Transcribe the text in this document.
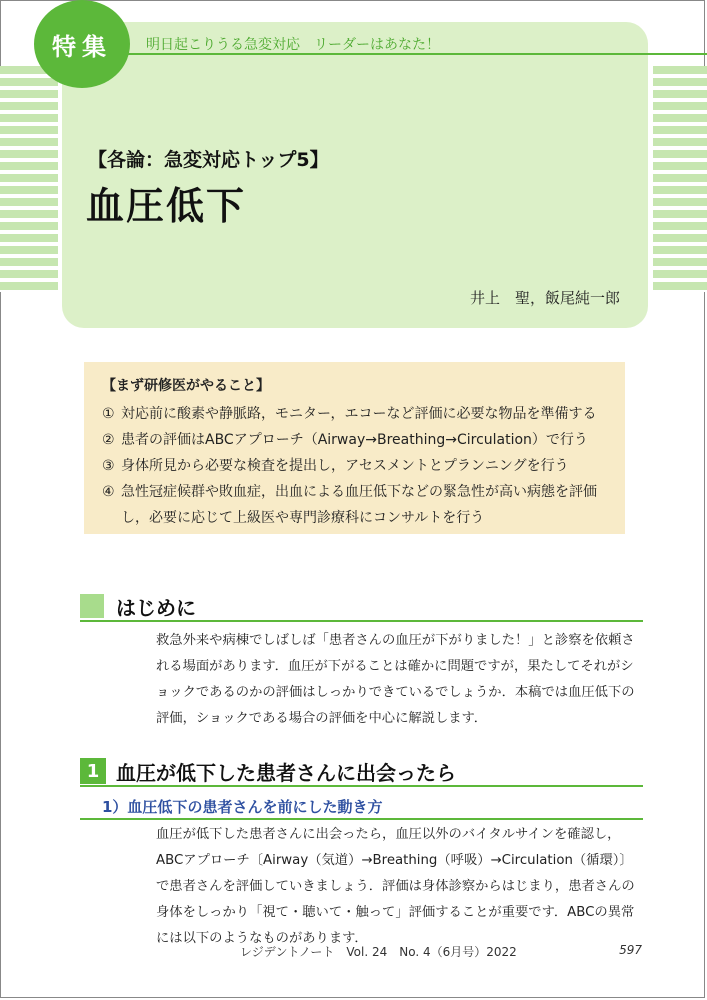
特集	明日起こりうる急変対応　リーダーはあなた！
【各論：急変対応トップ5】
血圧低下
井上　聖，飯尾純一郎
【まず研修医がやること】
① 対応前に酸素や静脈路，モニター，エコーなど評価に必要な物品を準備する
② 患者の評価はABCアプローチ（Airway→Breathing→Circulation）で行う
③ 身体所見から必要な検査を提出し，アセスメントとプランニングを行う
④ 急性冠症候群や敗血症，出血による血圧低下などの緊急性が高い病態を評価し，必要に応じて上級医や専門診療科にコンサルトを行う
はじめに

救急外来や病棟でしばしば「患者さんの血圧が下がりました！」と診察を依頼される場面があります．血圧が下がることは確かに問題ですが，果たしてそれがショックであるのかの評価はしっかりできているでしょうか．本稿では血圧低下の評価，ショックである場合の評価を中心に解説します．

1 血圧が低下した患者さんに出会ったら
1）血圧低下の患者さんを前にした動き方

血圧が低下した患者さんに出会ったら，血圧以外のバイタルサインを確認し，ABCアプローチ〔Airway（気道）→Breathing（呼吸）→Circulation（循環）〕で患者さんを評価していきましょう．評価は身体診察からはじまり，患者さんの身体をしっかり「視て・聴いて・触って」評価することが重要です．ABCの異常には以下のようなものがあります．

レジデントノート　Vol. 24　No. 4（6月号）2022	597
